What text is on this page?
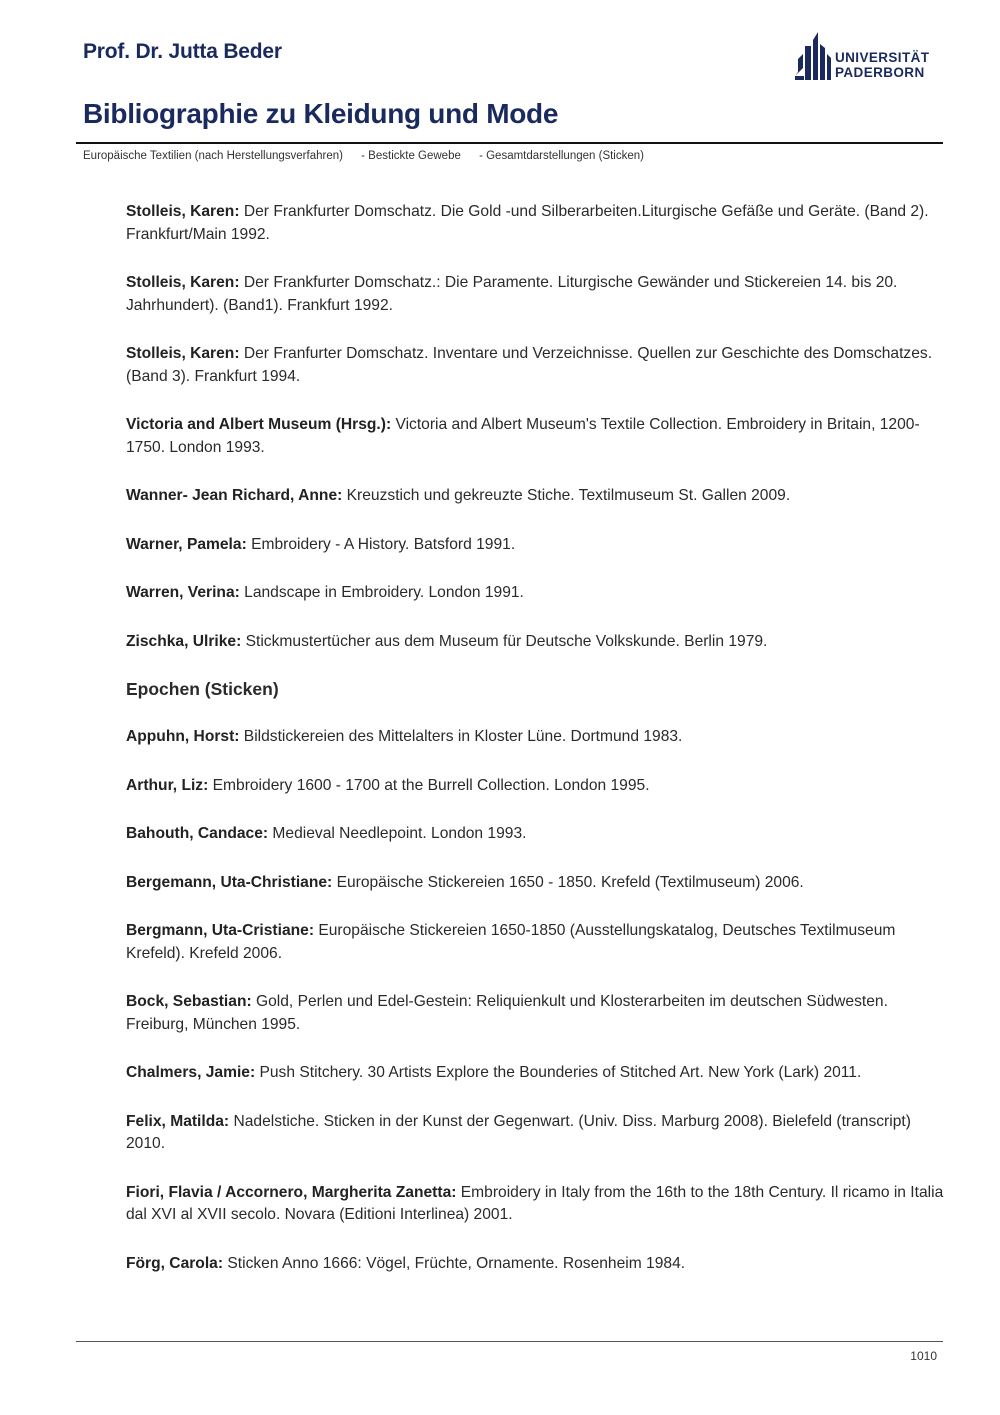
Prof. Dr. Jutta Beder	UNIVERSITÄT
PADERBORN
Bibliographie zu Kleidung und Mode
Europäische Textilien (nach Herstellungsverfahren) - Bestickte Gewebe - Gesamtdarstellungen (Sticken)

Stolleis, Karen: Der Frankfurter Domschatz. Die Gold -und Silberarbeiten.Liturgische Gefäße und Geräte. (Band 2). Frankfurt/Main 1992.

Stolleis, Karen: Der Frankfurter Domschatz.: Die Paramente. Liturgische Gewänder und Stickereien 14. bis 20. Jahrhundert). (Band1). Frankfurt 1992.

Stolleis, Karen: Der Franfurter Domschatz. Inventare und Verzeichnisse. Quellen zur Geschichte des Domschatzes. (Band 3). Frankfurt 1994.

Victoria and Albert Museum (Hrsg.): Victoria and Albert Museum's Textile Collection. Embroidery in Britain, 1200-1750. London 1993.

Wanner- Jean Richard, Anne: Kreuzstich und gekreuzte Stiche. Textilmuseum St. Gallen 2009.

Warner, Pamela: Embroidery - A History. Batsford 1991.

Warren, Verina: Landscape in Embroidery. London 1991.

Zischka, Ulrike: Stickmustertücher aus dem Museum für Deutsche Volkskunde. Berlin 1979.

Epochen (Sticken)

Appuhn, Horst: Bildstickereien des Mittelalters in Kloster Lüne. Dortmund 1983.

Arthur, Liz: Embroidery 1600 - 1700 at the Burrell Collection. London 1995.

Bahouth, Candace: Medieval Needlepoint. London 1993.

Bergemann, Uta-Christiane: Europäische Stickereien 1650 - 1850. Krefeld (Textilmuseum) 2006.

Bergmann, Uta-Cristiane: Europäische Stickereien 1650-1850 (Ausstellungskatalog, Deutsches Textilmuseum Krefeld). Krefeld 2006.

Bock, Sebastian: Gold, Perlen und Edel-Gestein: Reliquienkult und Klosterarbeiten im deutschen Südwesten. Freiburg, München 1995.

Chalmers, Jamie: Push Stitchery. 30 Artists Explore the Bounderies of Stitched Art. New York (Lark) 2011.

Felix, Matilda: Nadelstiche. Sticken in der Kunst der Gegenwart. (Univ. Diss. Marburg 2008). Bielefeld (transcript) 2010.

Fiori, Flavia / Accornero, Margherita Zanetta: Embroidery in Italy from the 16th to the 18th Century. Il ricamo in Italia dal XVI al XVII secolo. Novara (Editioni Interlinea) 2001.

Förg, Carola: Sticken Anno 1666: Vögel, Früchte, Ornamente. Rosenheim 1984.

1010
